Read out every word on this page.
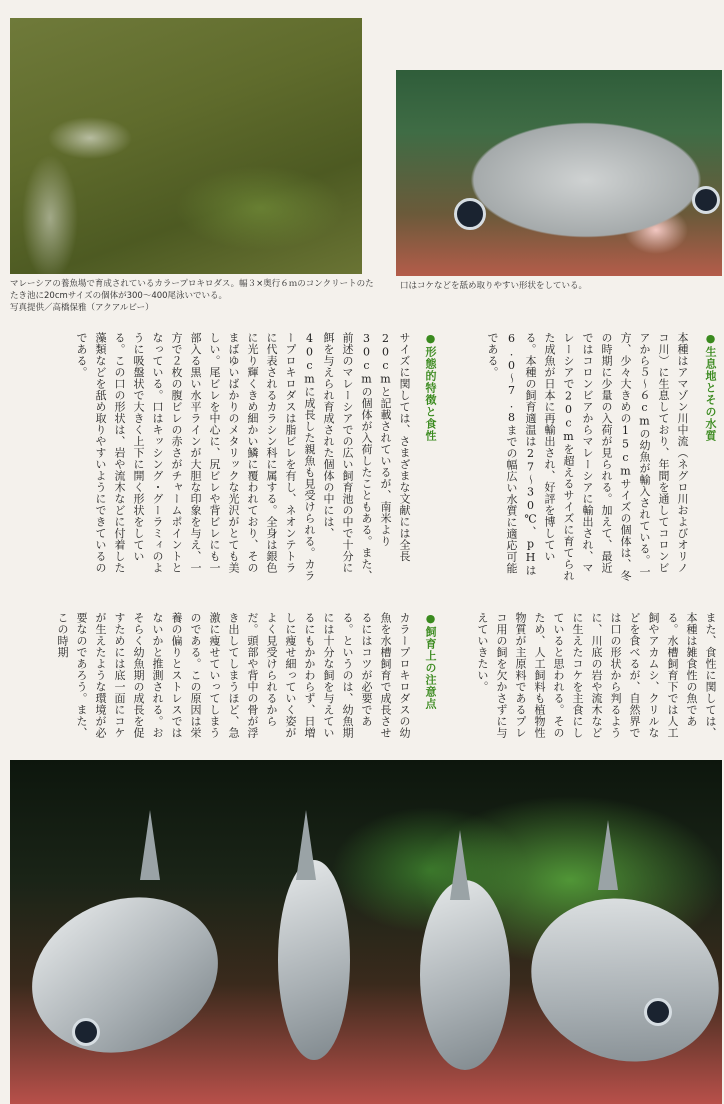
マレーシアの養魚場で育成されているカラープロキロダス。幅３×奥行６ｍのコンクリートのたたき池に20cmサイズの個体が300～400尾泳いでいる。
写真提供／高橋保雅（アクアルビー）
口はコケなどを舐め取りやすい形状をしている。
●生息地とその水質
本種はアマゾン川中流（ネグロ川およびオリノコ川）に生息しており、年間を通してコロンビアから５～６cmの幼魚が輸入されている。一方、少々大きめの15cmサイズの個体は、冬の時期に少量の入荷が見られる。加えて、最近ではコロンビアからマレーシアに輸出され、マレーシアで20cmを超えるサイズに育てられた成魚が日本に再輸出され、好評を博している。本種の飼育適温は27～30℃、pHは6.0～7.8までの幅広い水質に適応可能である。
●形態的特徴と食性
サイズに関しては、さまざまな文献には全長20cmと記載されているが、南米より30cmの個体が入荷したこともある。また、前述のマレーシアでの広い飼育池の中で十分に餌を与えられ育成された個体の中には、40cmに成長した親魚も見受けられる。カラープロキロダスは脂ビレを有し、ネオンテトラに代表されるカラシン科に属する。全身は銀色に光り輝くきめ細かい鱗に覆われており、そのまばゆいばかりのメタリックな光沢がとても美しい。尾ビレを中心に、尻ビレや背ビレにも一部入る黒い水平ラインが大胆な印象を与え、一方で２枚の腹ビレの赤さがチャームポイントとなっている。口はキッシング・グーラミィのように吸盤状で大きく上下に開く形状をしている。この口の形状は、岩や流木などに付着した藻類などを舐め取りやすいようにできているのである。
また、食性に関しては、本種は雑食性の魚である。水槽飼育下では人工飼やアカムシ、クリルなどを食べるが、自然界では口の形状から判るように、川底の岩や流木などに生えたコケを主食にしていると思われる。そのため、人工飼料も植物性物質が主原料であるプレコ用の飼を欠かさずに与えていきたい。
●飼育上の注意点
カラープロキロダスの幼魚を水槽飼育で成長させるにはコツが必要である。というのは、幼魚期には十分な飼を与えているにもかかわらず、日増しに痩せ細っていく姿がよく見受けられるからだ。頭部や背中の骨が浮き出してしまうほど、急激に痩せていってしまうのである。この原因は栄養の偏りとストレスではないかと推測される。おそらく幼魚期の成長を促すためには底一面にコケが生えたような環境が必要なのであろう。また、この時期
